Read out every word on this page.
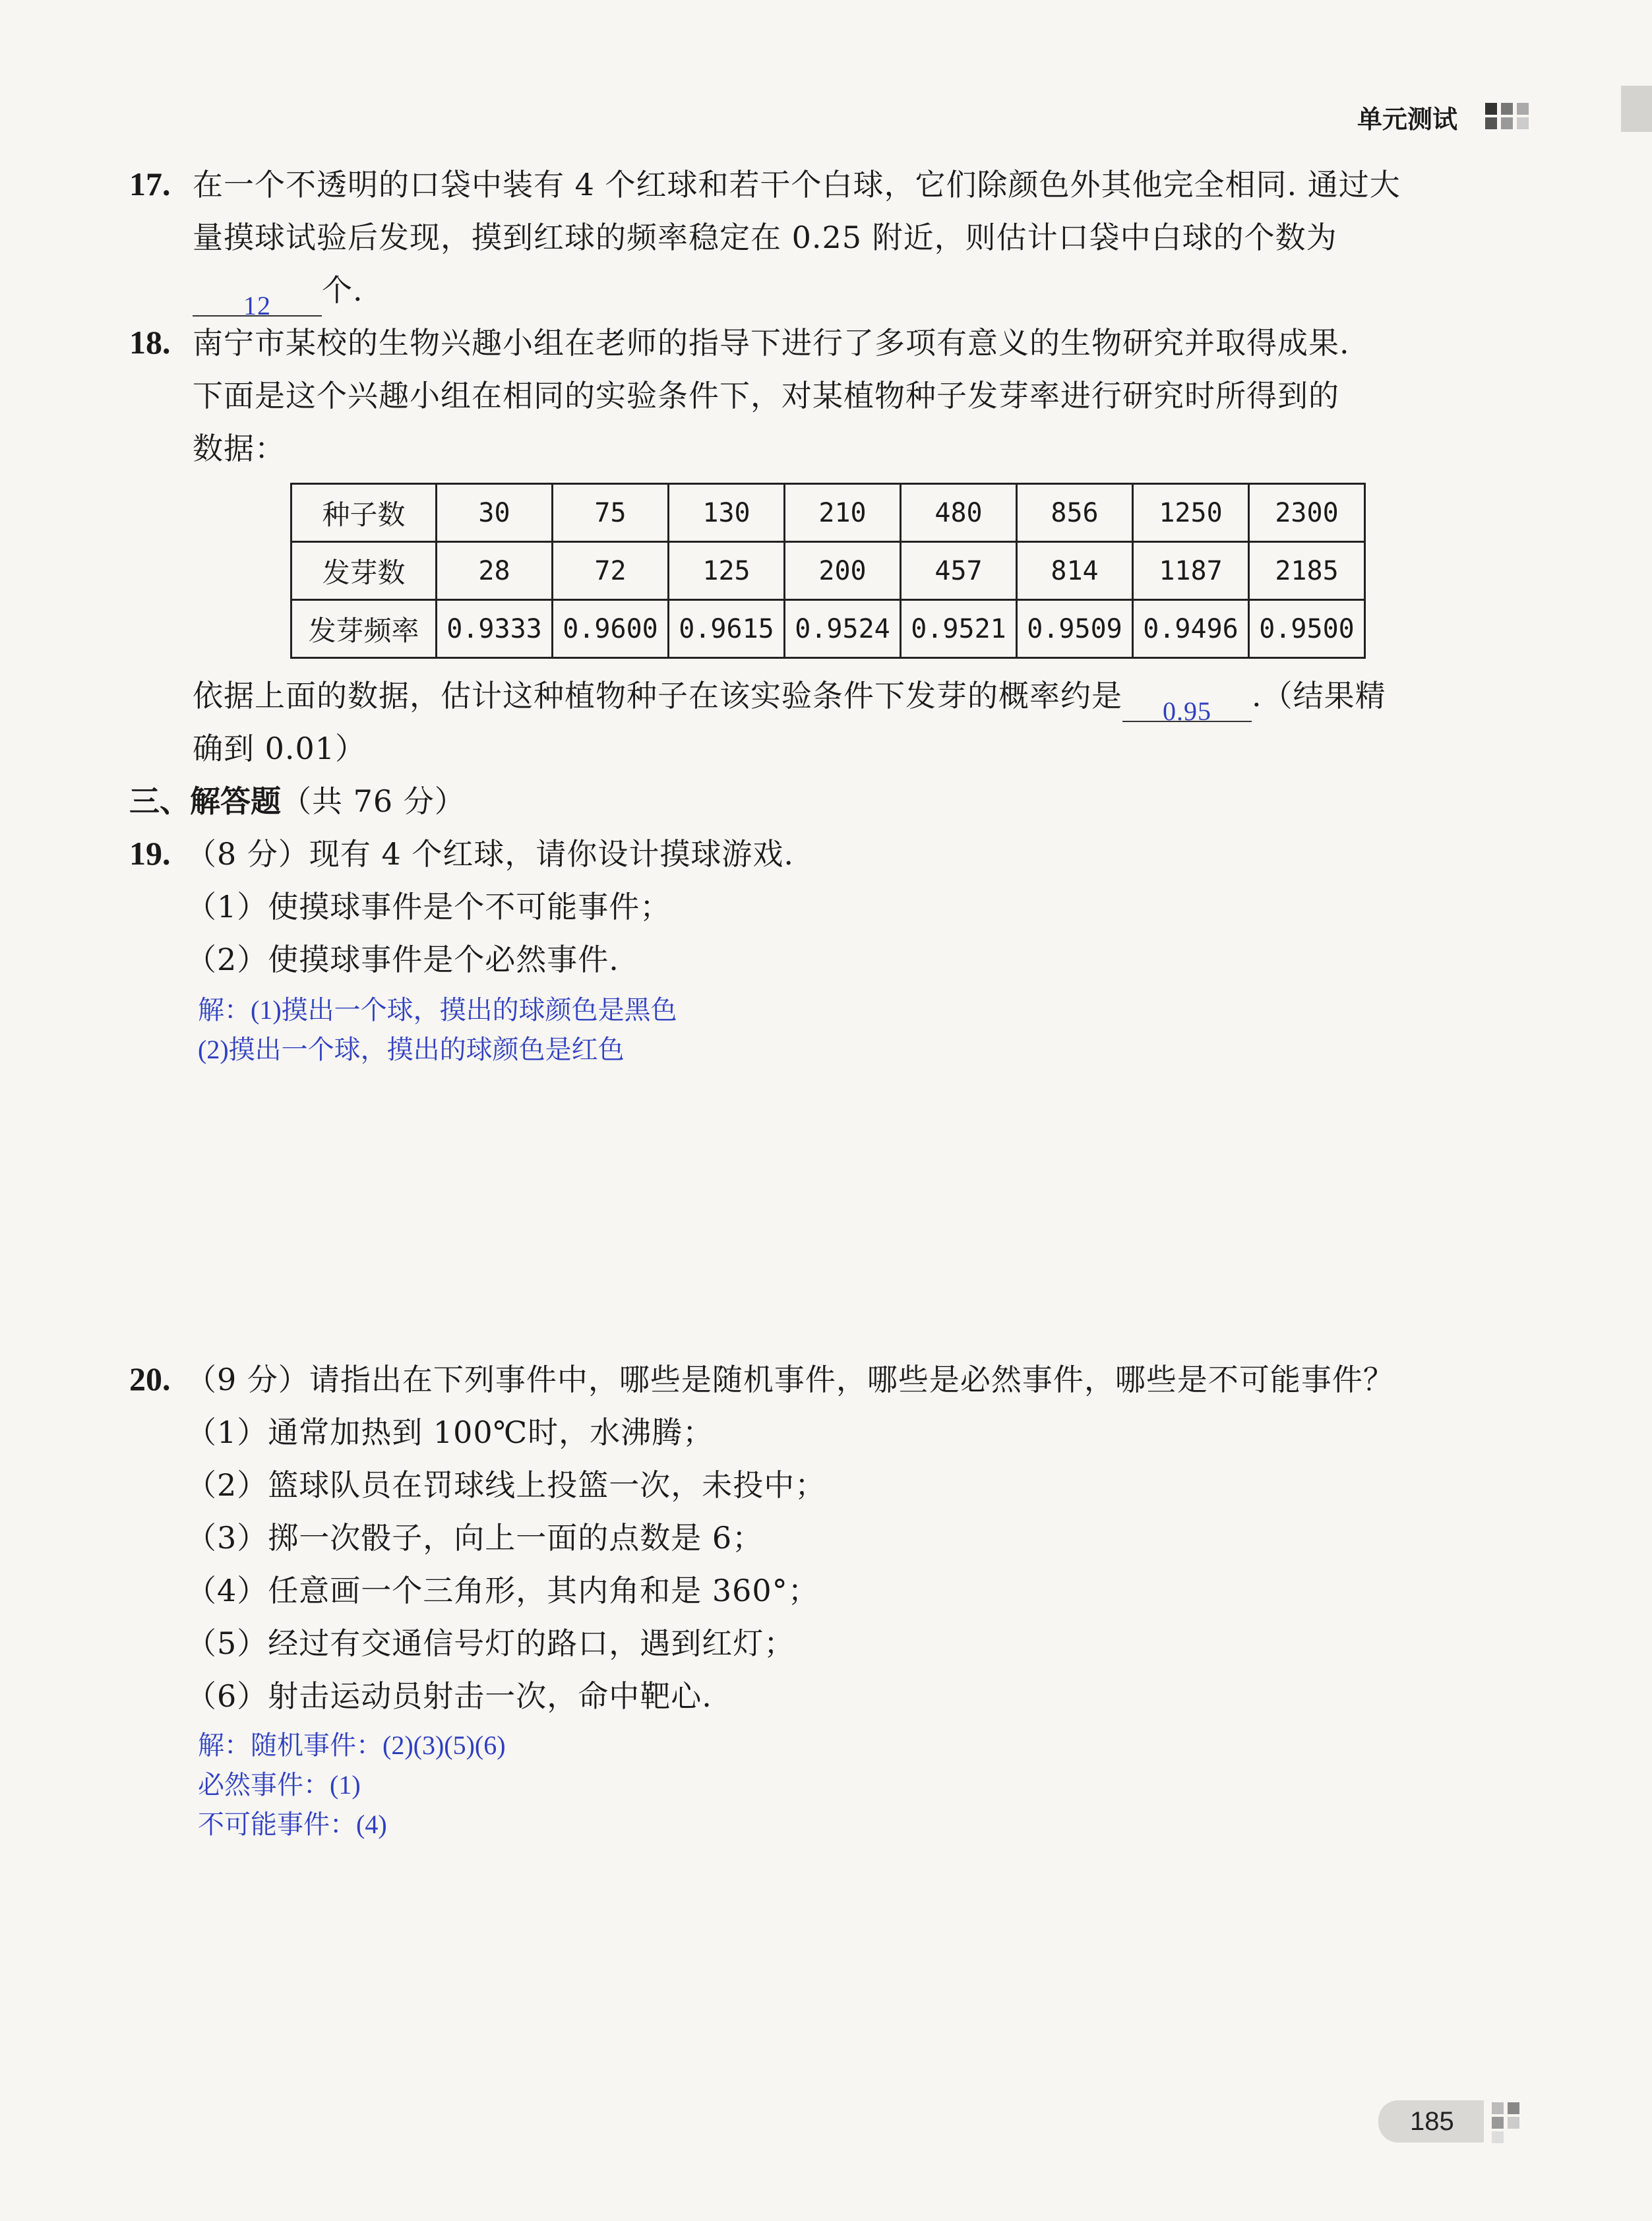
单元测试
17. 在一个不透明的口袋中装有 4 个红球和若干个白球，它们除颜色外其他完全相同. 通过大
量摸球试验后发现，摸到红球的频率稳定在 0.25 附近，则估计口袋中白球的个数为
12 个.
18. 南宁市某校的生物兴趣小组在老师的指导下进行了多项有意义的生物研究并取得成果.
下面是这个兴趣小组在相同的实验条件下，对某植物种子发芽率进行研究时所得到的
数据：
种子数	30	75	130	210	480	856	1250	2300
发芽数	28	72	125	200	457	814	1187	2185
发芽频率	0.9333	0.9600	0.9615	0.9524	0.9521	0.9509	0.9496	0.9500
依据上面的数据，估计这种植物种子在该实验条件下发芽的概率约是 0.95 .（结果精
确到 0.01）
三、解答题（共 76 分）
19. （8 分）现有 4 个红球，请你设计摸球游戏.
（1）使摸球事件是个不可能事件；
（2）使摸球事件是个必然事件.
解：(1)摸出一个球，摸出的球颜色是黑色
(2)摸出一个球，摸出的球颜色是红色
20. （9 分）请指出在下列事件中，哪些是随机事件，哪些是必然事件，哪些是不可能事件？
（1）通常加热到 100℃时，水沸腾；
（2）篮球队员在罚球线上投篮一次，未投中；
（3）掷一次骰子，向上一面的点数是 6；
（4）任意画一个三角形，其内角和是 360°；
（5）经过有交通信号灯的路口，遇到红灯；
（6）射击运动员射击一次，命中靶心.
解：随机事件：(2)(3)(5)(6)
必然事件：(1)
不可能事件：(4)
185
